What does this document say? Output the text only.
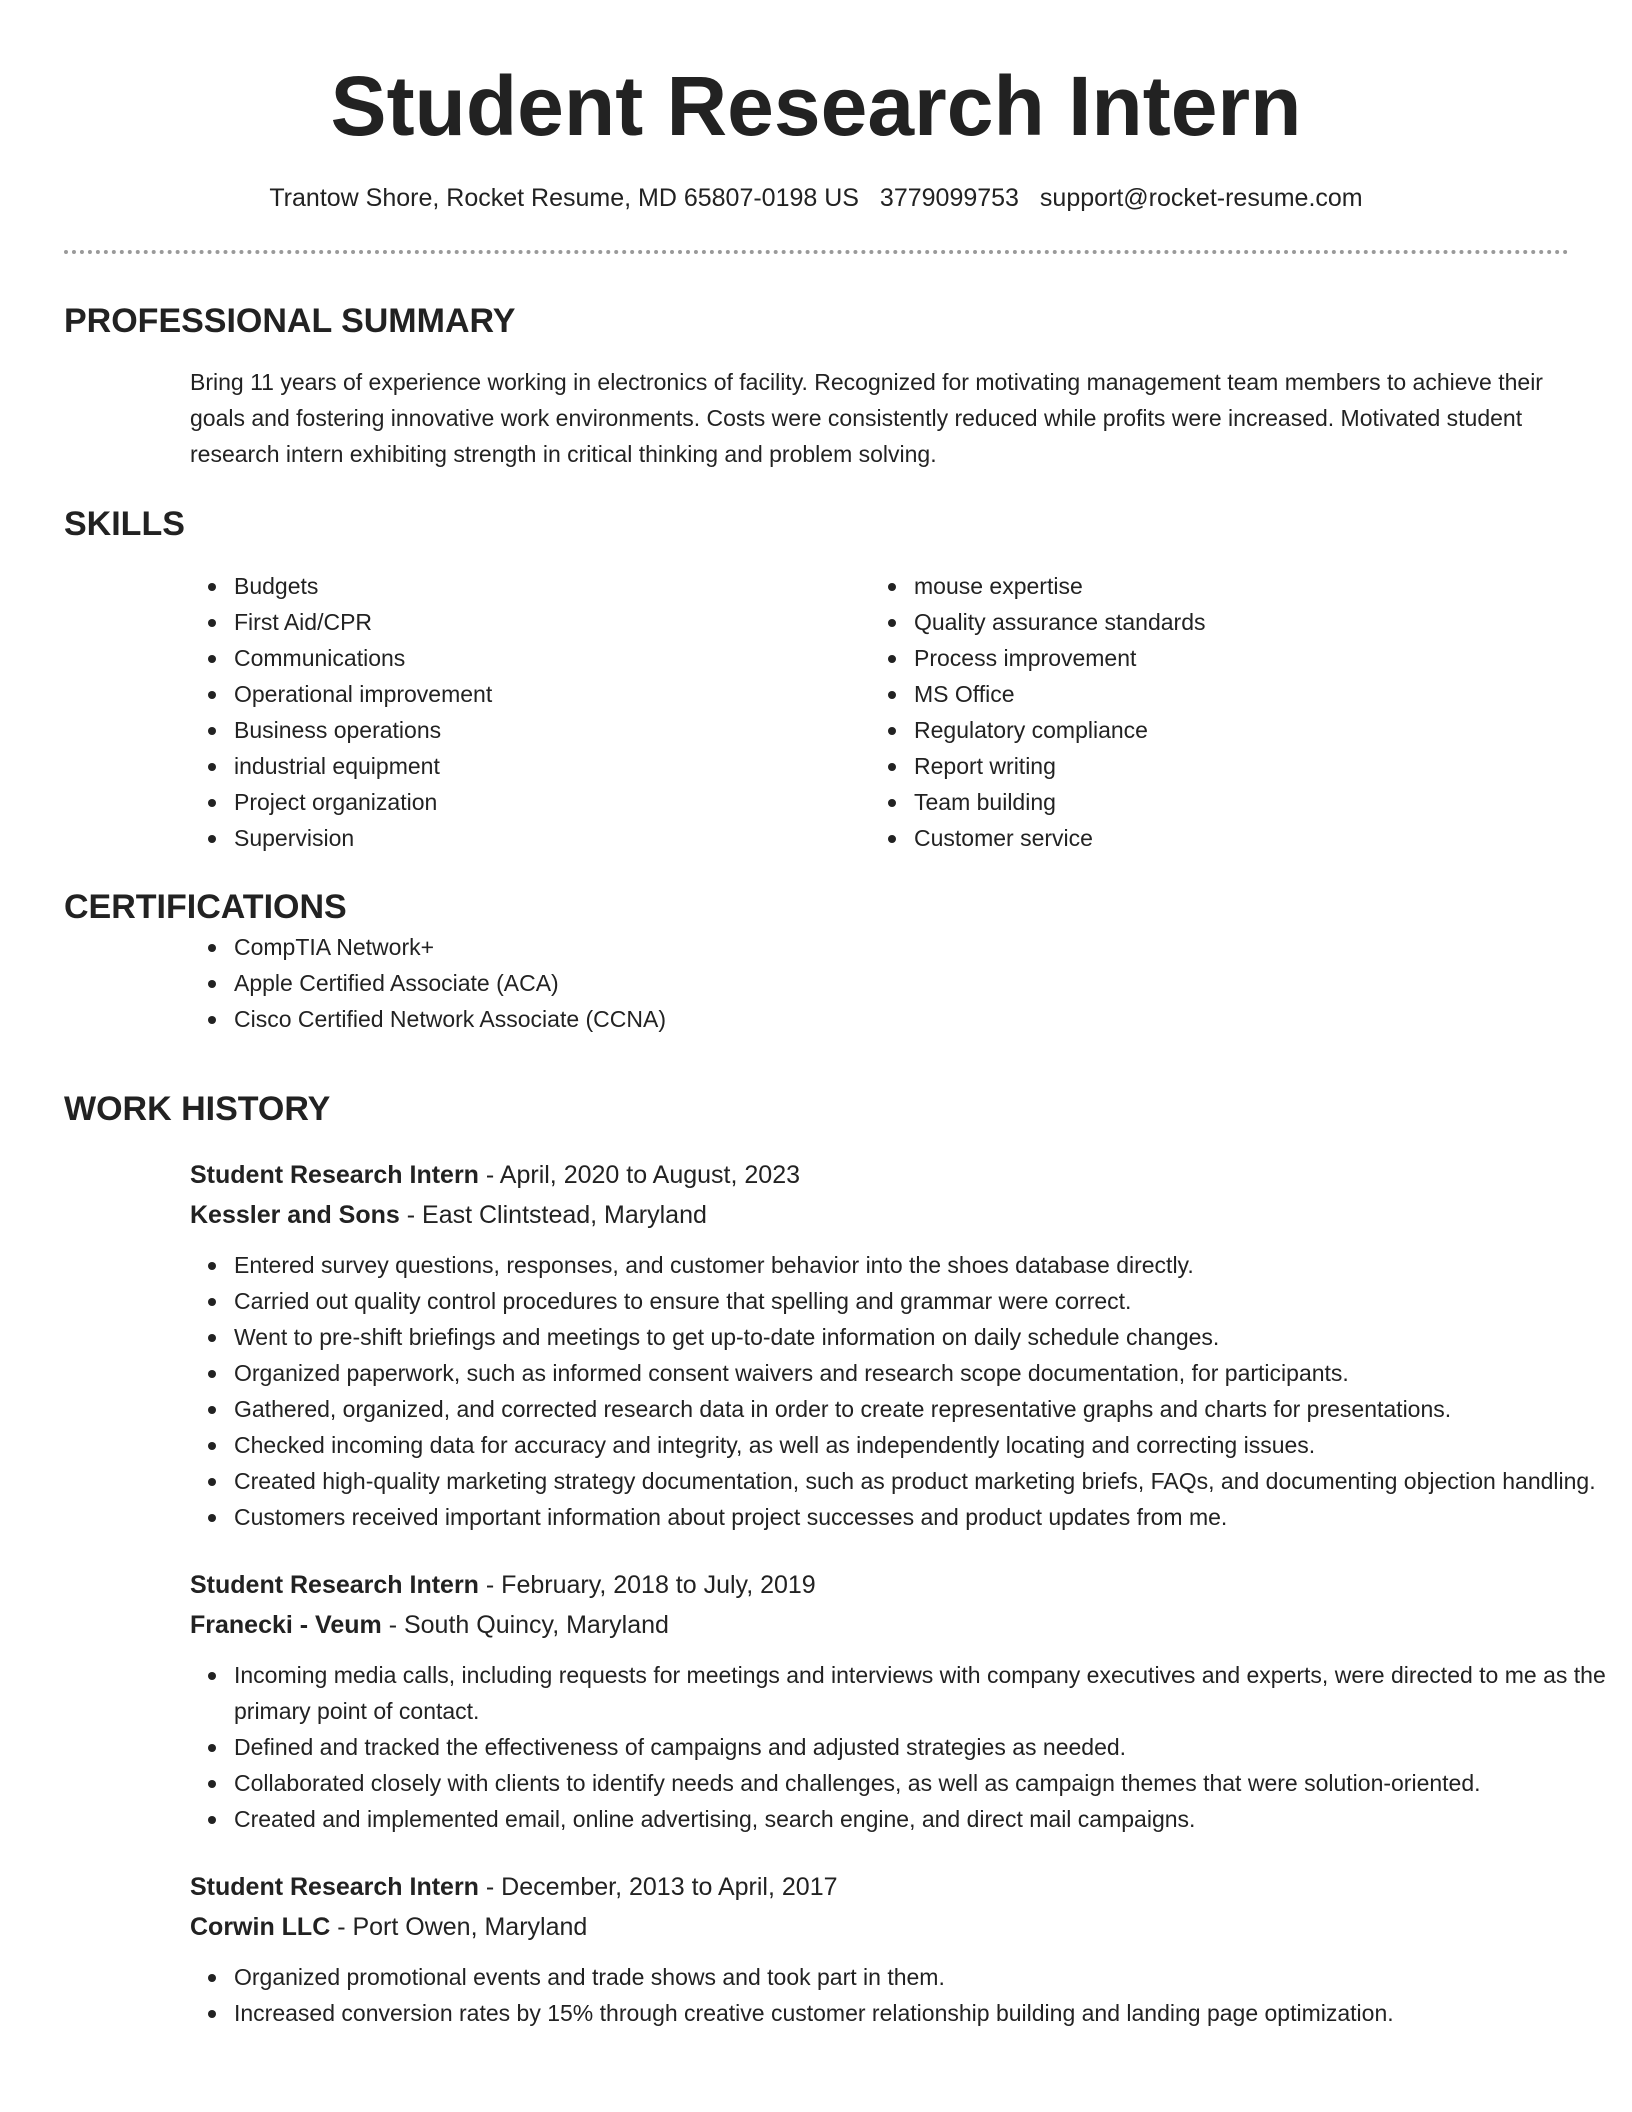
Student Research Intern
Trantow Shore, Rocket Resume, MD 65807-0198 US 3779099753 support@rocket-resume.com
PROFESSIONAL SUMMARY

Bring 11 years of experience working in electronics of facility. Recognized for motivating management team members to achieve their goals and fostering innovative work environments. Costs were consistently reduced while profits were increased. Motivated student research intern exhibiting strength in critical thinking and problem solving.

SKILLS
Budgets
First Aid/CPR
Communications
Operational improvement
Business operations
industrial equipment
Project organization
Supervision
mouse expertise
Quality assurance standards
Process improvement
MS Office
Regulatory compliance
Report writing
Team building
Customer service
CERTIFICATIONS
CompTIA Network+
Apple Certified Associate (ACA)
Cisco Certified Network Associate (CCNA)
WORK HISTORY
Student Research Intern - April, 2020 to August, 2023
Kessler and Sons - East Clintstead, Maryland
Entered survey questions, responses, and customer behavior into the shoes database directly.
Carried out quality control procedures to ensure that spelling and grammar were correct.
Went to pre-shift briefings and meetings to get up-to-date information on daily schedule changes.
Organized paperwork, such as informed consent waivers and research scope documentation, for participants.
Gathered, organized, and corrected research data in order to create representative graphs and charts for presentations.
Checked incoming data for accuracy and integrity, as well as independently locating and correcting issues.
Created high-quality marketing strategy documentation, such as product marketing briefs, FAQs, and documenting objection handling.
Customers received important information about project successes and product updates from me.
Student Research Intern - February, 2018 to July, 2019
Franecki - Veum - South Quincy, Maryland
Incoming media calls, including requests for meetings and interviews with company executives and experts, were directed to me as the primary point of contact.
Defined and tracked the effectiveness of campaigns and adjusted strategies as needed.
Collaborated closely with clients to identify needs and challenges, as well as campaign themes that were solution-oriented.
Created and implemented email, online advertising, search engine, and direct mail campaigns.
Student Research Intern - December, 2013 to April, 2017
Corwin LLC - Port Owen, Maryland
Organized promotional events and trade shows and took part in them.
Increased conversion rates by 15% through creative customer relationship building and landing page optimization.
